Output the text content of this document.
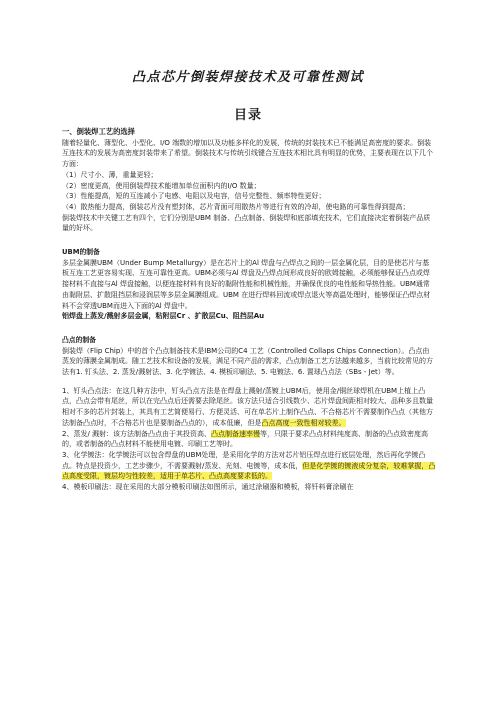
凸点芯片倒装焊接技术及可靠性测试
目录

一、倒装焊工艺的选择

随着轻量化、薄型化、小型化、I/O 端数的增加以及功能多样化的发展，传统的封装技术已不能满足高密度的要求。倒装互连技术的发展为高密度封装带来了希望。倒装技术与传统引线键合互连技术相比具有明显的优势，主要表现在以下几个方面：

（1）尺寸小、薄，重量更轻；

（2）密度更高，使用倒装焊技术能增加单位面积内的I/O 数量；

（3）性能提高，短的互连减小了电感、电阻以及电容，信号完整性、频率特性更好；

（4）散热能力提高，倒装芯片没有塑封体，芯片背面可用散热片等进行有效的冷却，使电路的可靠性得到提高；

倒装焊技术中关键工艺有四个，它们分别是UBM 制备、凸点制备、倒装焊和底部填充技术，它们直接决定着倒装产品质量的好坏。

UBM的制备

多层金属膜UBM（Under Bump Metallurgy）是在芯片上的Al 焊盘与凸焊点之间的一层金属化层，目的是使芯片与基板互连工艺更容易实现、互连可靠性更高。UBM必须与Al 焊盘及凸焊点间形成良好的欧姆接触，必须能够保证凸点或焊接材料不直接与Al 焊盘接触，以便连接材料有良好的黏附性能和机械性能，并确保优良的电性能和导热性能。UBM通常由黏附层、扩散阻挡层和浸润层等多层金属膜组成。UBM 在进行焊料回流或焊点退火等高温处理时，能够保证凸焊点材料不会穿透UBM而进入下面的Al 焊盘中。

铝焊盘上蒸发/溅射多层金属，粘附层Cr 、扩散层Cu、阻挡层Au

凸点的制备

倒装焊（Flip Chip）中的首个凸点制备技术是IBM公司的C4 工艺（Controlled Collaps Chips Connection）。凸点由蒸发的薄膜金属制成。随工艺技术和设备的发展，满足不同产品的需求，凸点制备工艺方法越来越多，当前比较常见的方法有1. 钉头法、2. 蒸发/溅射法、3. 化学镀法、4. 模板印刷法、5. 电镀法、6. 置球凸点法（SBs - Jet）等。

1、钉头凸点法：在这几种方法中，钉头凸点方法是在焊盘上溅射/蒸镀上UBM后，使用金/铜丝球焊机在UBM上植上凸点，凸点会带有尾丝，所以在完凸点后还需要去除尾丝。该方法只适合引线数少、芯片焊盘间距相对较大、品种多且数量相对不多的芯片封装上，其具有工艺简便易行、方便灵活、可在单芯片上制作凸点、不合格芯片不需要制作凸点（其他方法制备凸点时，不合格芯片也是要制备凸点的），成本低廉，但是凸点高度一致性相对较差。

2、蒸发/ 溅射：该方法制备凸点由于其投资高、凸点制备速率慢等，只限于要求凸点材料纯度高、制备的凸点致密度高的，或者制备的凸点材料不能使用电镀、印刷工艺等时。

3、化学镀法：化学镀法可以包含焊盘的UBM处理，是采用化学的方法对芯片铝压焊点进行底层处理，然后再化学镀凸点。特点是投资少，工艺步骤少，不需要溅射/蒸发、光刻、电镀等，成本低，但是化学镀的镀液成分复杂，较难掌握，凸点高度受限，镀层均匀性较差，适用于单芯片、凸点高度要求低的。

4、模板印刷法：现在采用的大部分模板印刷法如图所示，通过涂刷器和模板，将钎料膏涂刷在
